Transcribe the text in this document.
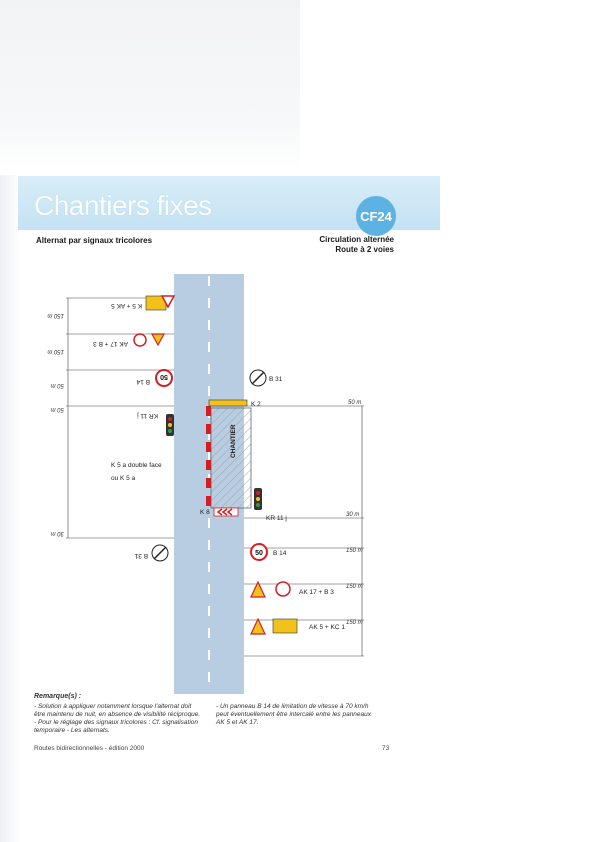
Chantiers fixes	CF24
Alternat par signaux tricolores	Circulation alternée
Route à 2 voies
CHANTIER
150 m
150 m
50 m
50 m
30 m
50 m
30 m
150 m
150 m
150 m
K 5 + AK 5
AK 17 + B 3
50
B 14
KR 11 j
B 31
K 5 a double face
ou K 5 a
B 31
K 2
K 8
KR 11 j
50 B 14
AK 17 + B 3
AK 5 + KC 1
Remarque(s) :
- Solution à appliquer notamment lorsque l'alternat doit
être maintenu de nuit, en absence de visibilité réciproque.
- Pour le réglage des signaux tricolores : Cf. signalisation
temporaire - Les alternats.
- Un panneau B 14 de limitation de vitesse à 70 km/h
peut éventuellement être intercalé entre les panneaux
AK 5 et AK 17.
Routes bidirectionnelles - édition 2000	73
